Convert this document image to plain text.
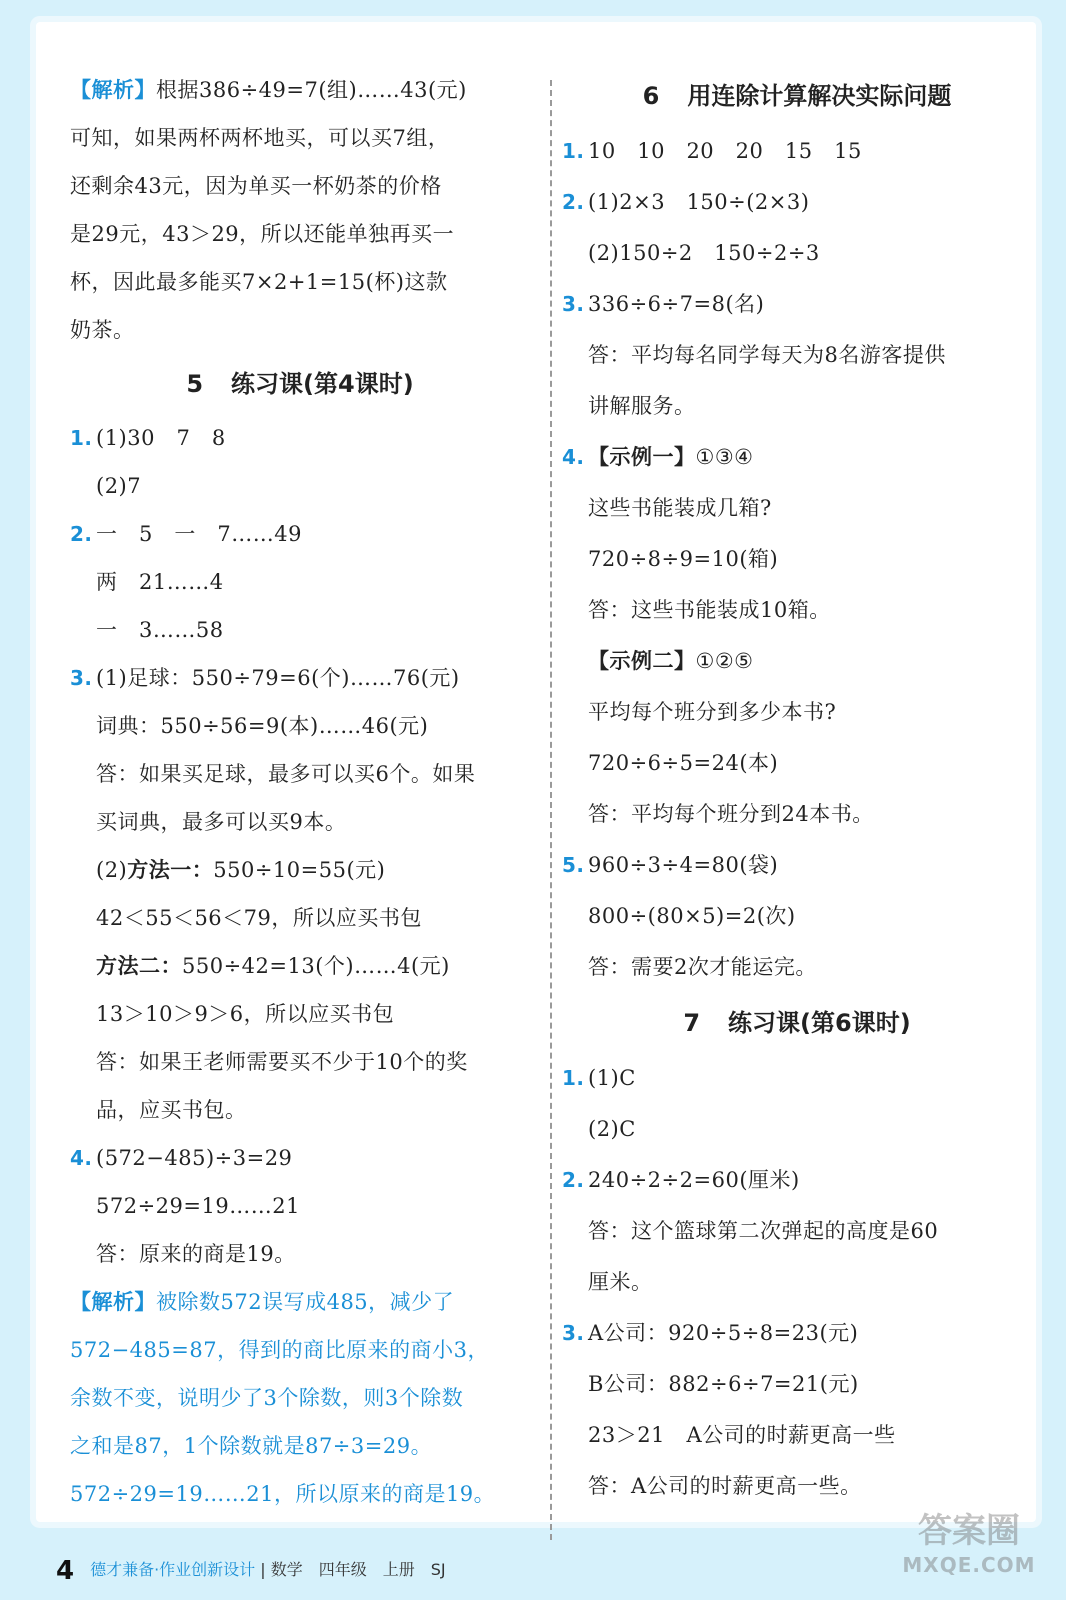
【解析】根据386÷49=7(组)……43(元)
可知，如果两杯两杯地买，可以买7组，
还剩余43元，因为单买一杯奶茶的价格
是29元，43＞29，所以还能单独再买一
杯，因此最多能买7×2+1=15(杯)这款
奶茶。
5 练习课(第4课时)
1. (1)30　7　8
(2)7
2. 一　5　一　7……49
两　21……4
一　3……58
3. (1)足球：550÷79=6(个)……76(元)
词典：550÷56=9(本)……46(元)
答：如果买足球，最多可以买6个。如果
买词典，最多可以买9本。
(2)方法一：550÷10=55(元)
42＜55＜56＜79，所以应买书包
方法二：550÷42=13(个)……4(元)
13＞10＞9＞6，所以应买书包
答：如果王老师需要买不少于10个的奖
品，应买书包。
4. (572−485)÷3=29
572÷29=19……21
答：原来的商是19。
【解析】被除数572误写成485，减少了
572−485=87，得到的商比原来的商小3，
余数不变，说明少了3个除数，则3个除数
之和是87，1个除数就是87÷3=29。
572÷29=19……21，所以原来的商是19。
6 用连除计算解决实际问题
1. 10　10　20　20　15　15
2. (1)2×3　150÷(2×3)
(2)150÷2　150÷2÷3
3. 336÷6÷7=8(名)
答：平均每名同学每天为8名游客提供
讲解服务。
4. 【示例一】①③④
这些书能装成几箱?
720÷8÷9=10(箱)
答：这些书能装成10箱。
【示例二】①②⑤
平均每个班分到多少本书?
720÷6÷5=24(本)
答：平均每个班分到24本书。
5. 960÷3÷4=80(袋)
800÷(80×5)=2(次)
答：需要2次才能运完。
7 练习课(第6课时)
1. (1)C
(2)C
2. 240÷2÷2=60(厘米)
答：这个篮球第二次弹起的高度是60
厘米。
3. A公司：920÷5÷8=23(元)
B公司：882÷6÷7=21(元)
23＞21　A公司的时薪更高一些
答：A公司的时薪更高一些。
4 德才兼备·作业创新设计 | 数学　四年级　上册　SJ
答案圈
MXQE.COM
